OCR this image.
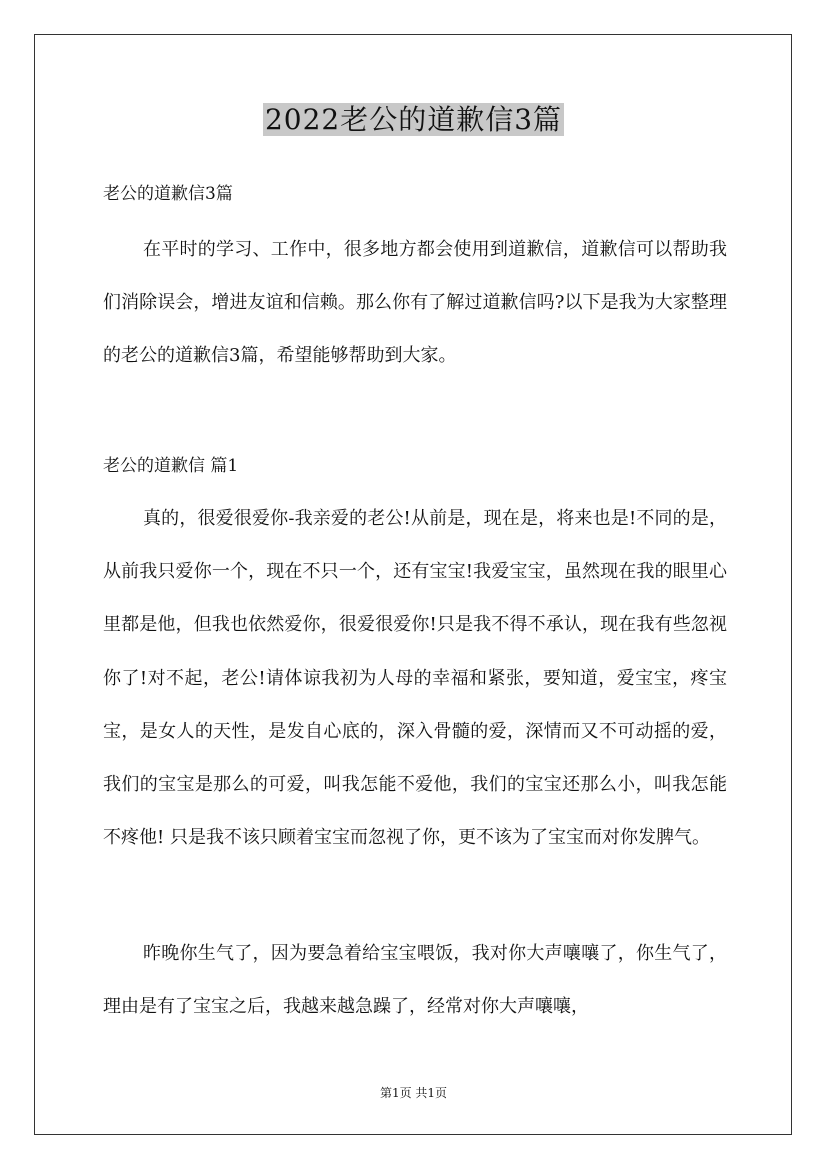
2022老公的道歉信3篇
老公的道歉信3篇

在平时的学习、工作中，很多地方都会使用到道歉信，道歉信可以帮助我们消除误会，增进友谊和信赖。那么你有了解过道歉信吗?以下是我为大家整理的老公的道歉信3篇，希望能够帮助到大家。

老公的道歉信 篇1

真的，很爱很爱你-我亲爱的老公!从前是，现在是，将来也是!不同的是，从前我只爱你一个，现在不只一个，还有宝宝!我爱宝宝，虽然现在我的眼里心里都是他，但我也依然爱你，很爱很爱你!只是我不得不承认，现在我有些忽视你了!对不起，老公!请体谅我初为人母的幸福和紧张，要知道，爱宝宝，疼宝宝，是女人的天性，是发自心底的，深入骨髓的爱，深情而又不可动摇的爱，我们的宝宝是那么的可爱，叫我怎能不爱他，我们的宝宝还那么小，叫我怎能不疼他! 只是我不该只顾着宝宝而忽视了你，更不该为了宝宝而对你发脾气。

昨晚你生气了，因为要急着给宝宝喂饭，我对你大声嚷嚷了，你生气了，理由是有了宝宝之后，我越来越急躁了，经常对你大声嚷嚷，

第1页 共1页
